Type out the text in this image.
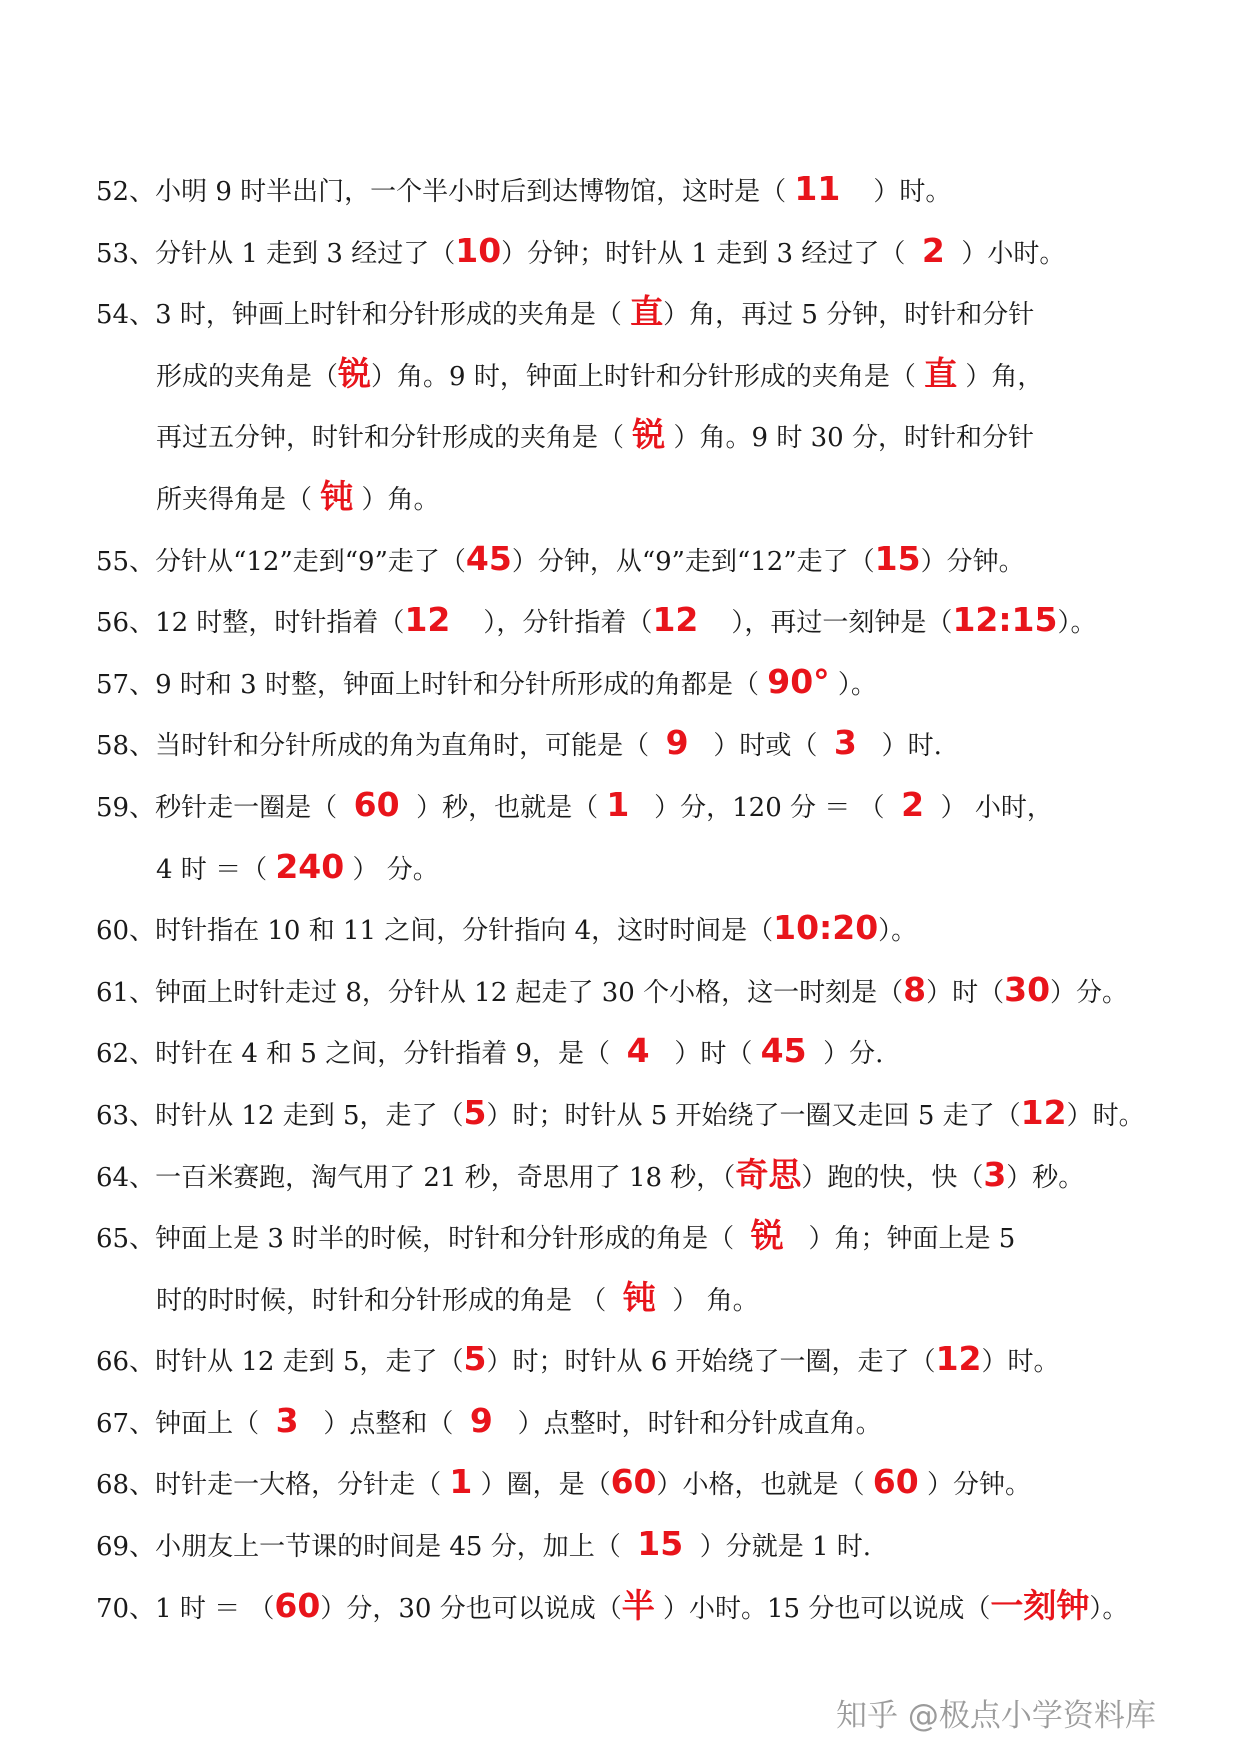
52、小明 9 时半出门，一个半小时后到达博物馆，这时是（ 11    ）时。
53、分针从 1 走到 3 经过了（10）分钟；时针从 1 走到 3 经过了（  2  ）小时。
54、3 时，钟画上时针和分针形成的夹角是（ 直）角，再过 5 分钟，时针和分针
形成的夹角是（锐）角。9 时，钟面上时针和分针形成的夹角是（ 直 ）角，
再过五分钟，时针和分针形成的夹角是（ 锐 ）角。9 时 30 分，时针和分针
所夹得角是（ 钝 ）角。
55、分针从“12”走到“9”走了（45）分钟，从“9”走到“12”走了（15）分钟。
56、12 时整，时针指着（12    ），分针指着（12    ），再过一刻钟是（12:15）。
57、9 时和 3 时整，钟面上时针和分针所形成的角都是（ 90° ）。
58、当时针和分针所成的角为直角时，可能是（  9   ）时或（  3   ）时.
59、秒针走一圈是（  60  ）秒，也就是（ 1   ）分，120 分 ＝ （  2  ） 小时，
4 时 ＝（ 240 ） 分。
60、时针指在 10 和 11 之间，分针指向 4，这时时间是（10:20）。
61、钟面上时针走过 8，分针从 12 起走了 30 个小格，这一时刻是（8）时（30）分。
62、时针在 4 和 5 之间，分针指着 9，是（  4   ）时（ 45  ）分.
63、时针从 12 走到 5，走了（5）时；时针从 5 开始绕了一圈又走回 5 走了（12）时。
64、一百米赛跑，淘气用了 21 秒，奇思用了 18 秒，（奇思）跑的快，快（3）秒。
65、钟面上是 3 时半的时候，时针和分针形成的角是（  锐   ）角；钟面上是 5
时的时时候，时针和分针形成的角是 （  钝  ） 角。
66、时针从 12 走到 5，走了（5）时；时针从 6 开始绕了一圈，走了（12）时。
67、钟面上（  3   ）点整和（  9   ）点整时，时针和分针成直角。
68、时针走一大格，分针走（ 1 ）圈，是（60）小格，也就是（ 60 ）分钟。
69、小朋友上一节课的时间是 45 分，加上（  15  ）分就是 1 时.
70、1 时 ＝ （60）分，30 分也可以说成（半 ）小时。15 分也可以说成（一刻钟）。
知乎 @极点小学资料库
